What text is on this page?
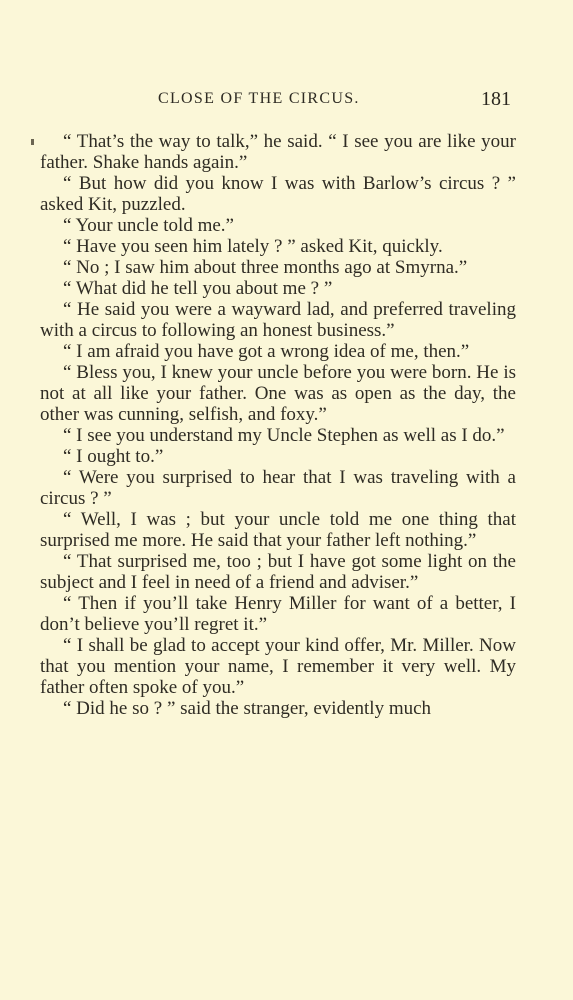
CLOSE OF THE CIRCUS.	181

“ That’s the way to talk,” he said. “ I see you are like your father. Shake hands again.”

“ But how did you know I was with Barlow’s circus ? ” asked Kit, puzzled.

“ Your uncle told me.”

“ Have you seen him lately ? ” asked Kit, quickly.

“ No ; I saw him about three months ago at Smyrna.”

“ What did he tell you about me ? ”

“ He said you were a wayward lad, and preferred traveling with a circus to following an honest business.”

“ I am afraid you have got a wrong idea of me, then.”

“ Bless you, I knew your uncle before you were born. He is not at all like your father. One was as open as the day, the other was cunning, selfish, and foxy.”

“ I see you understand my Uncle Stephen as well as I do.”

“ I ought to.”

“ Were you surprised to hear that I was traveling with a circus ? ”

“ Well, I was ; but your uncle told me one thing that surprised me more. He said that your father left nothing.”

“ That surprised me, too ; but I have got some light on the subject and I feel in need of a friend and adviser.”

“ Then if you’ll take Henry Miller for want of a better, I don’t believe you’ll regret it.”

“ I shall be glad to accept your kind offer, Mr. Miller. Now that you mention your name, I remember it very well. My father often spoke of you.”

“ Did he so ? ” said the stranger, evidently much
